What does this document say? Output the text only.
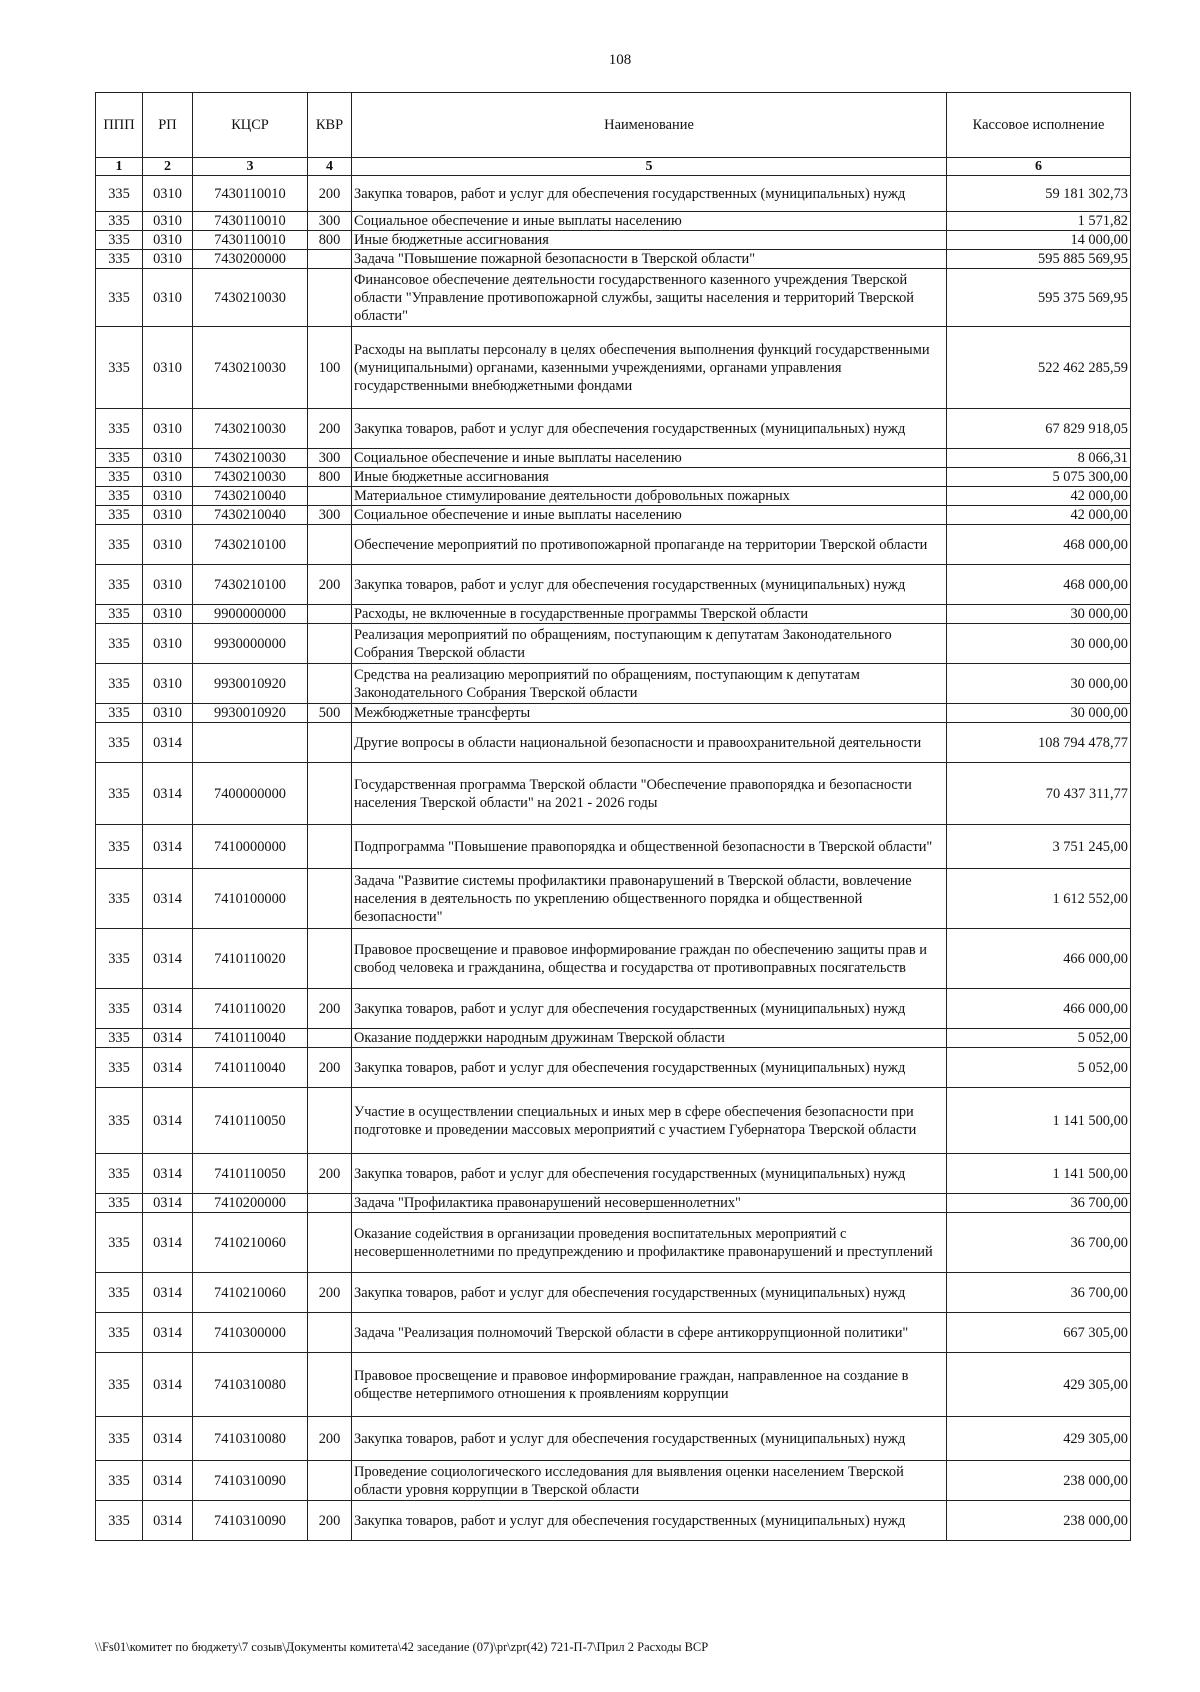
108
ППП	РП	КЦСР	КВР	Наименование	Кассовое исполнение
1	2	3	4	5	6
335	0310	7430110010	200	Закупка товаров, работ и услуг для обеспечения государственных (муниципальных) нужд	59 181 302,73
335	0310	7430110010	300	Социальное обеспечение и иные выплаты населению	1 571,82
335	0310	7430110010	800	Иные бюджетные ассигнования	14 000,00
335	0310	7430200000		Задача "Повышение пожарной безопасности в Тверской области"	595 885 569,95
335	0310	7430210030		Финансовое обеспечение деятельности государственного казенного учреждения Тверской области "Управление противопожарной службы, защиты населения и территорий Тверской области"	595 375 569,95
335	0310	7430210030	100	Расходы на выплаты персоналу в целях обеспечения выполнения функций государственными (муниципальными) органами, казенными учреждениями, органами управления государственными внебюджетными фондами	522 462 285,59
335	0310	7430210030	200	Закупка товаров, работ и услуг для обеспечения государственных (муниципальных) нужд	67 829 918,05
335	0310	7430210030	300	Социальное обеспечение и иные выплаты населению	8 066,31
335	0310	7430210030	800	Иные бюджетные ассигнования	5 075 300,00
335	0310	7430210040		Материальное стимулирование деятельности добровольных пожарных	42 000,00
335	0310	7430210040	300	Социальное обеспечение и иные выплаты населению	42 000,00
335	0310	7430210100		Обеспечение мероприятий по противопожарной пропаганде на территории Тверской области	468 000,00
335	0310	7430210100	200	Закупка товаров, работ и услуг для обеспечения государственных (муниципальных) нужд	468 000,00
335	0310	9900000000		Расходы, не включенные в государственные программы Тверской области	30 000,00
335	0310	9930000000		Реализация мероприятий по обращениям, поступающим к депутатам Законодательного Собрания Тверской области	30 000,00
335	0310	9930010920		Средства на реализацию мероприятий по обращениям, поступающим к депутатам Законодательного Собрания Тверской области	30 000,00
335	0310	9930010920	500	Межбюджетные трансферты	30 000,00
335	0314			Другие вопросы в области национальной безопасности и правоохранительной деятельности	108 794 478,77
335	0314	7400000000		Государственная программа Тверской области "Обеспечение правопорядка и безопасности населения Тверской области" на 2021 - 2026 годы	70 437 311,77
335	0314	7410000000		Подпрограмма "Повышение правопорядка и общественной безопасности в Тверской области"	3 751 245,00
335	0314	7410100000		Задача "Развитие системы профилактики правонарушений в Тверской области, вовлечение населения в деятельность по укреплению общественного порядка и общественной безопасности"	1 612 552,00
335	0314	7410110020		Правовое просвещение и правовое информирование граждан по обеспечению защиты прав и свобод человека и гражданина, общества и государства от противоправных посягательств	466 000,00
335	0314	7410110020	200	Закупка товаров, работ и услуг для обеспечения государственных (муниципальных) нужд	466 000,00
335	0314	7410110040		Оказание поддержки народным дружинам Тверской области	5 052,00
335	0314	7410110040	200	Закупка товаров, работ и услуг для обеспечения государственных (муниципальных) нужд	5 052,00
335	0314	7410110050		Участие в осуществлении специальных и иных мер в сфере обеспечения безопасности при подготовке и проведении массовых мероприятий с участием Губернатора Тверской области	1 141 500,00
335	0314	7410110050	200	Закупка товаров, работ и услуг для обеспечения государственных (муниципальных) нужд	1 141 500,00
335	0314	7410200000		Задача "Профилактика правонарушений несовершеннолетних"	36 700,00
335	0314	7410210060		Оказание содействия в организации проведения воспитательных мероприятий с несовершеннолетними по предупреждению и профилактике правонарушений и преступлений	36 700,00
335	0314	7410210060	200	Закупка товаров, работ и услуг для обеспечения государственных (муниципальных) нужд	36 700,00
335	0314	7410300000		Задача "Реализация полномочий Тверской области в сфере антикоррупционной политики"	667 305,00
335	0314	7410310080		Правовое просвещение и правовое информирование граждан, направленное на создание в обществе нетерпимого отношения к проявлениям коррупции	429 305,00
335	0314	7410310080	200	Закупка товаров, работ и услуг для обеспечения государственных (муниципальных) нужд	429 305,00
335	0314	7410310090		Проведение социологического исследования для выявления оценки населением Тверской области уровня коррупции в Тверской области	238 000,00
335	0314	7410310090	200	Закупка товаров, работ и услуг для обеспечения государственных (муниципальных) нужд	238 000,00
\\Fs01\комитет по бюджету\7 созыв\Документы комитета\42 заседание (07)\pr\zpr(42) 721-П-7\Прил 2 Расходы ВСР
